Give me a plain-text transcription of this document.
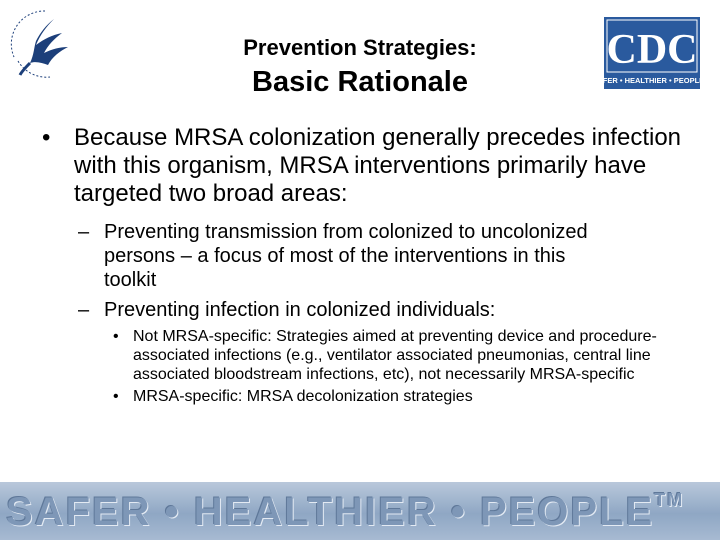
CDC
SAFER • HEALTHIER • PEOPLE™
Prevention Strategies:
Basic Rationale
• Because MRSA colonization generally precedes infection with this organism, MRSA interventions primarily have targeted two broad areas:
– Preventing transmission from colonized to uncolonized persons – a focus of most of the interventions in this toolkit
– Preventing infection in colonized individuals:
• Not MRSA-specific: Strategies aimed at preventing device and procedure-associated infections (e.g., ventilator associated pneumonias, central line associated bloodstream infections, etc), not necessarily MRSA-specific
• MRSA-specific: MRSA decolonization strategies
SAFER • HEALTHIER • PEOPLE™
